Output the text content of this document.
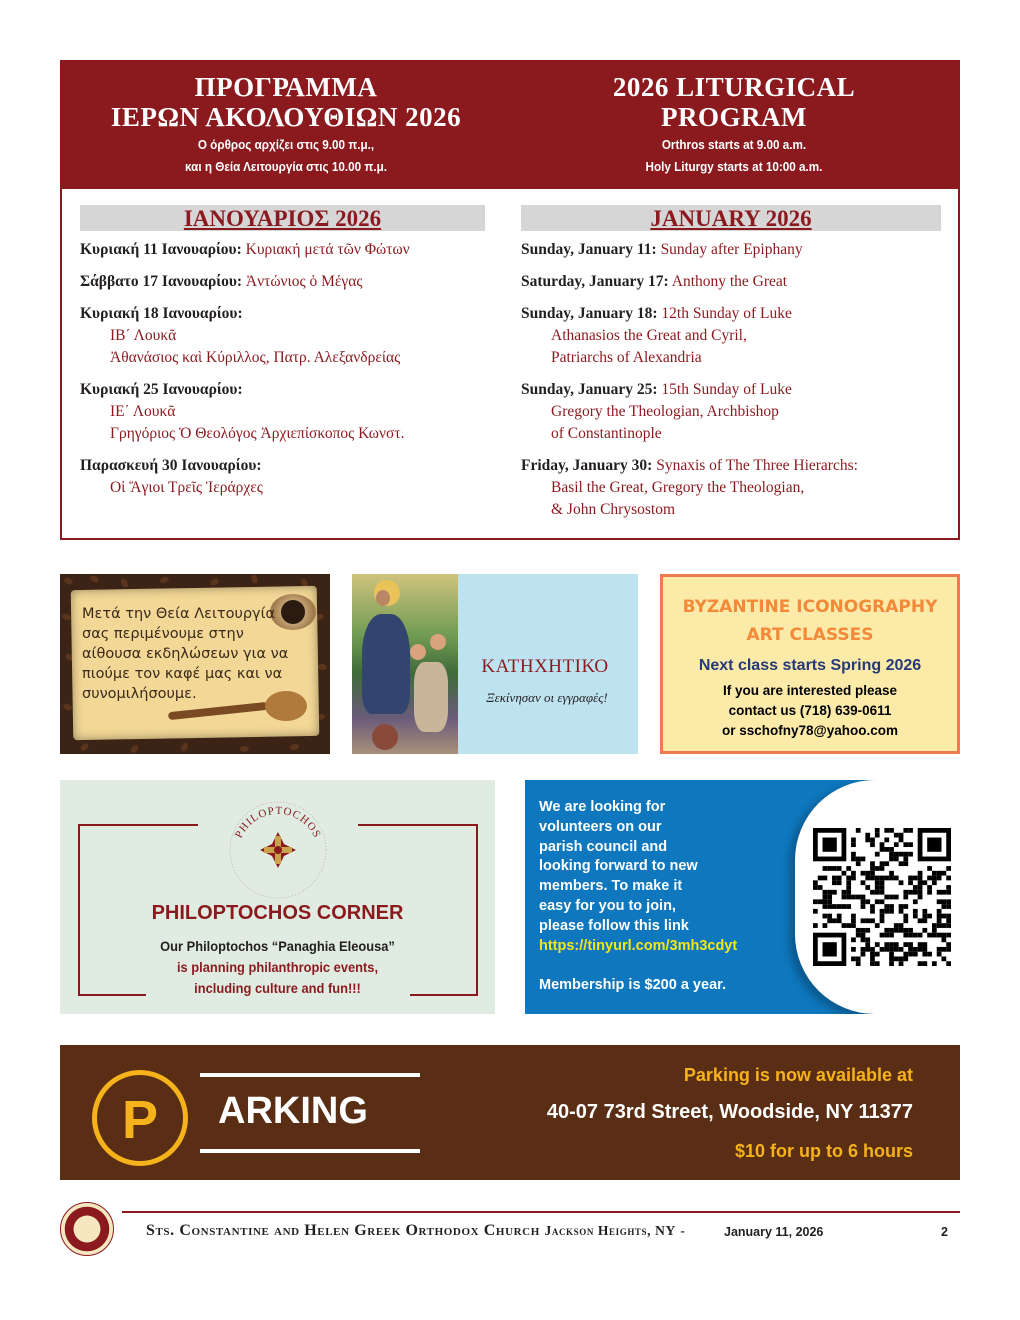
ΠΡΟΓΡΑΜΜΑ
ΙΕΡΩΝ ΑΚΟΛΟΥΘΙΩΝ 2026
Ο όρθρος αρχίζει στις 9.00 π.μ.,
και η Θεία Λειτουργία στις 10.00 π.μ.
2026 LITURGICAL
PROGRAM
Orthros starts at 9.00 a.m.
Holy Liturgy starts at 10:00 a.m.
ΙΑΝΟΥΑΡΙΟΣ 2026	JANUARY 2026
Κυριακή 11 Ιανουαρίου: Κυριακή μετά τῶν Φώτων
Σάββατο 17 Ιανουαρίου: Ἀντώνιος ὁ Μέγας
Κυριακή 18 Ιανουαρίου:
ΙΒ΄ Λουκᾶ
Ἀθανάσιος καὶ Κύριλλος, Πατρ. Αλεξανδρείας
Κυριακή 25 Ιανουαρίου:
ΙΕ΄ Λουκᾶ
Γρηγόριος Ὁ Θεολόγος Ἀρχιεπίσκοπος Κωνστ.
Παρασκευή 30 Ιανουαρίου:
Οἱ Ἅγιοι Τρεῖς Ἱεράρχες
Sunday, January 11: Sunday after Epiphany
Saturday, January 17: Anthony the Great
Sunday, January 18: 12th Sunday of Luke
Athanasios the Great and Cyril,
Patriarchs of Alexandria
Sunday, January 25: 15th Sunday of Luke
Gregory the Theologian, Archbishop
of Constantinople
Friday, January 30: Synaxis of The Three Hierarchs:
Basil the Great, Gregory the Theologian,
& John Chrysostom
Μετά την Θεία Λειτουργία
σας περιμένουμε στην
αίθουσα εκδηλώσεων για να
πιούμε τον καφέ μας και να
συνομιλήσουμε.
ΚΑΤΗΧΗΤΙΚΟ
Ξεκίνησαν οι εγγραφές!
BYZANTINE ICONOGRAPHY
ART CLASSES
Next class starts Spring 2026
If you are interested please
contact us (718) 639-0611
or sschofny78@yahoo.com
PHILOPTOCHOS
PHILOPTOCHOS CORNER
Our Philoptochos “Panaghia Eleousa”
is planning philanthropic events,
including culture and fun!!!
We are looking for
volunteers on our
parish council and
looking forward to new
members. To make it
easy for you to join,
please follow this link
https://tinyurl.com/3mh3cdyt

Membership is $200 a year.
P	ARKING
Parking is now available at
40-07 73rd Street, Woodside, NY 11377
$10 for up to 6 hours
Sts. Constantine and Helen Greek Orthodox Church Jackson Heights, NY -	January 11, 2026	2
